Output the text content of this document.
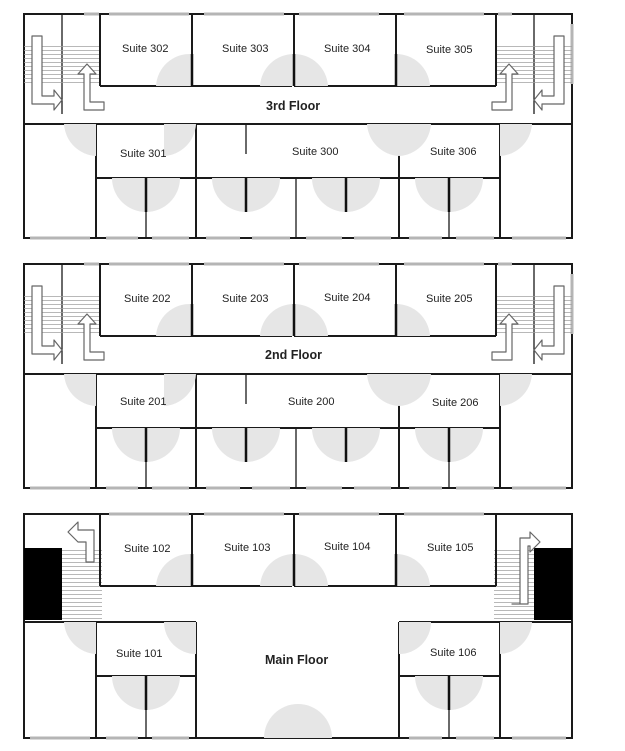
Suite 302	Suite 303	Suite 304	Suite 305
3rd Floor
Suite 301	Suite 300	Suite 306
Suite 202	Suite 203	Suite 204	Suite 205
2nd Floor
Suite 201	Suite 200	Suite 206
Suite 102	Suite 103	Suite 104	Suite 105
Suite 101	Main Floor	Suite 106
